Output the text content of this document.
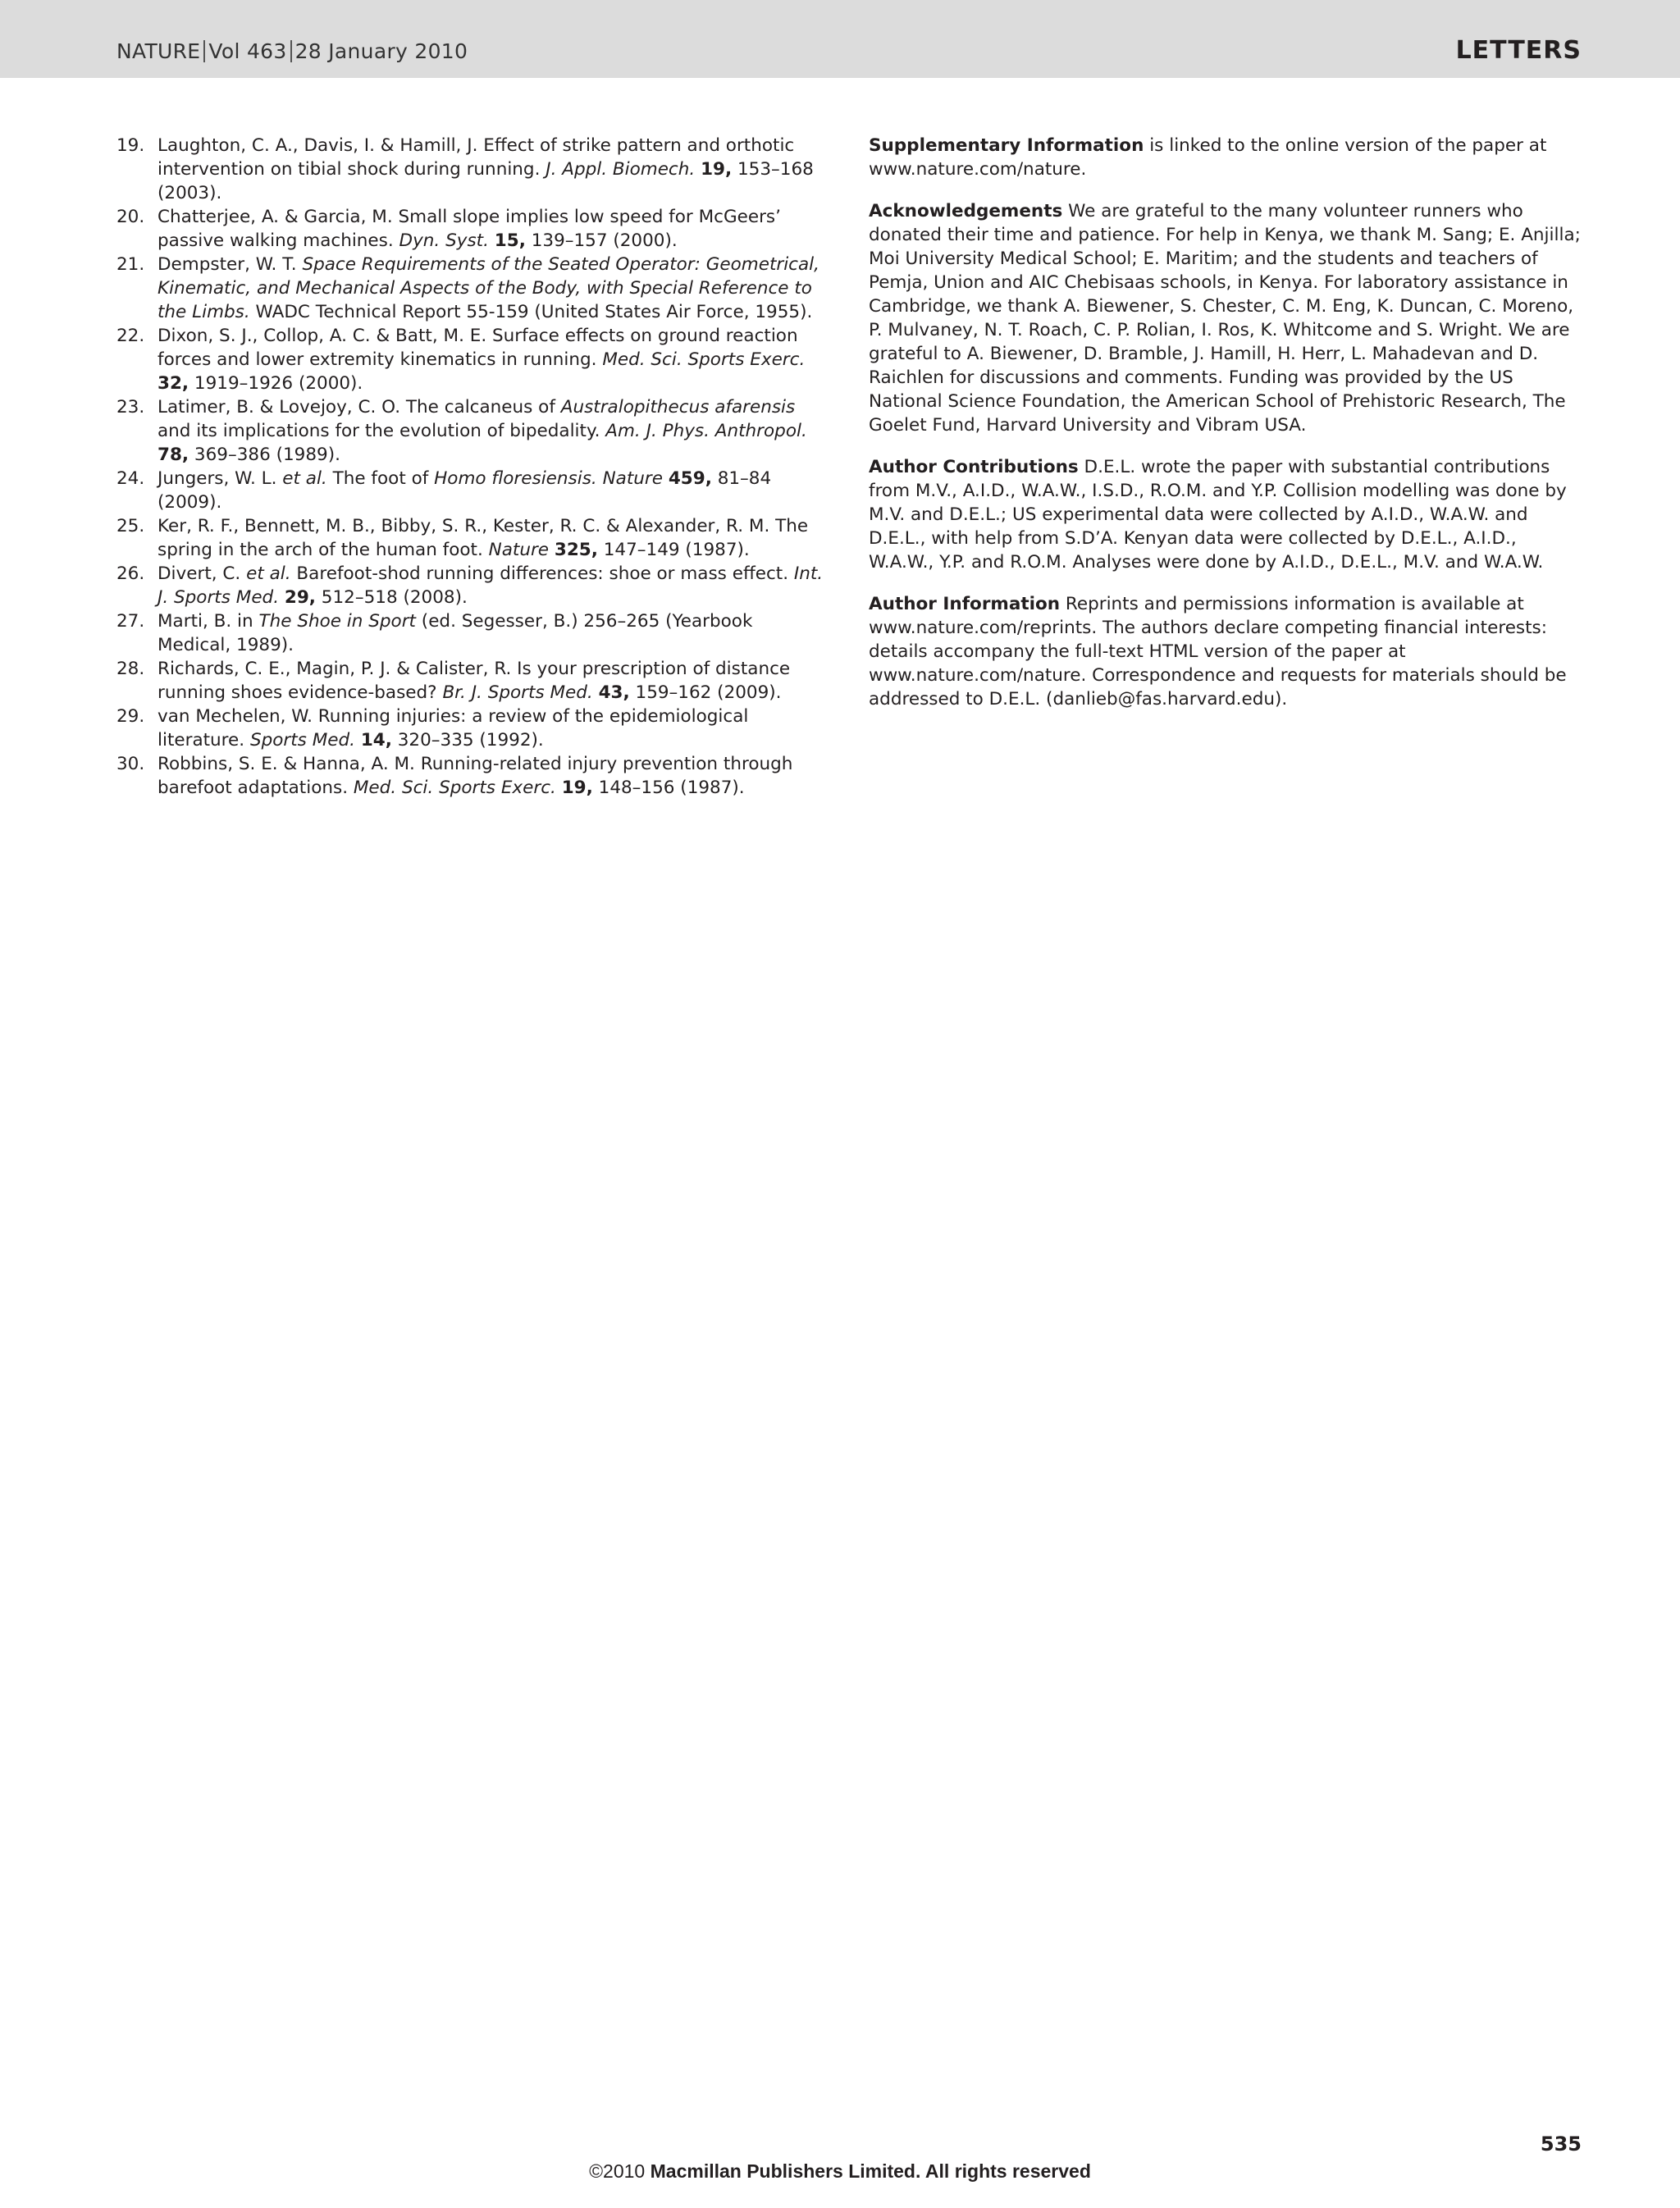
NATURE Vol 463 28 January 2010	LETTERS
19. Laughton, C. A., Davis, I. & Hamill, J. Effect of strike pattern and orthotic intervention on tibial shock during running. J. Appl. Biomech. 19, 153–168 (2003).
20. Chatterjee, A. & Garcia, M. Small slope implies low speed for McGeers’ passive walking machines. Dyn. Syst. 15, 139–157 (2000).
21. Dempster, W. T. Space Requirements of the Seated Operator: Geometrical, Kinematic, and Mechanical Aspects of the Body, with Special Reference to the Limbs. WADC Technical Report 55-159 (United States Air Force, 1955).
22. Dixon, S. J., Collop, A. C. & Batt, M. E. Surface effects on ground reaction forces and lower extremity kinematics in running. Med. Sci. Sports Exerc. 32, 1919–1926 (2000).
23. Latimer, B. & Lovejoy, C. O. The calcaneus of Australopithecus afarensis and its implications for the evolution of bipedality. Am. J. Phys. Anthropol. 78, 369–386 (1989).
24. Jungers, W. L. et al. The foot of Homo floresiensis. Nature 459, 81–84 (2009).
25. Ker, R. F., Bennett, M. B., Bibby, S. R., Kester, R. C. & Alexander, R. M. The spring in the arch of the human foot. Nature 325, 147–149 (1987).
26. Divert, C. et al. Barefoot-shod running differences: shoe or mass effect. Int. J. Sports Med. 29, 512–518 (2008).
27. Marti, B. in The Shoe in Sport (ed. Segesser, B.) 256–265 (Yearbook Medical, 1989).
28. Richards, C. E., Magin, P. J. & Calister, R. Is your prescription of distance running shoes evidence-based? Br. J. Sports Med. 43, 159–162 (2009).
29. van Mechelen, W. Running injuries: a review of the epidemiological literature. Sports Med. 14, 320–335 (1992).
30. Robbins, S. E. & Hanna, A. M. Running-related injury prevention through barefoot adaptations. Med. Sci. Sports Exerc. 19, 148–156 (1987).

Supplementary Information is linked to the online version of the paper at www.nature.com/nature.

Acknowledgements We are grateful to the many volunteer runners who donated their time and patience. For help in Kenya, we thank M. Sang; E. Anjilla; Moi University Medical School; E. Maritim; and the students and teachers of Pemja, Union and AIC Chebisaas schools, in Kenya. For laboratory assistance in Cambridge, we thank A. Biewener, S. Chester, C. M. Eng, K. Duncan, C. Moreno, P. Mulvaney, N. T. Roach, C. P. Rolian, I. Ros, K. Whitcome and S. Wright. We are grateful to A. Biewener, D. Bramble, J. Hamill, H. Herr, L. Mahadevan and D. Raichlen for discussions and comments. Funding was provided by the US National Science Foundation, the American School of Prehistoric Research, The Goelet Fund, Harvard University and Vibram USA.

Author Contributions D.E.L. wrote the paper with substantial contributions from M.V., A.I.D., W.A.W., I.S.D., R.O.M. and Y.P. Collision modelling was done by M.V. and D.E.L.; US experimental data were collected by A.I.D., W.A.W. and D.E.L., with help from S.D’A. Kenyan data were collected by D.E.L., A.I.D., W.A.W., Y.P. and R.O.M. Analyses were done by A.I.D., D.E.L., M.V. and W.A.W.

Author Information Reprints and permissions information is available at www.nature.com/reprints. The authors declare competing financial interests: details accompany the full-text HTML version of the paper at www.nature.com/nature. Correspondence and requests for materials should be addressed to D.E.L. (danlieb@fas.harvard.edu).

535
©2010 Macmillan Publishers Limited. All rights reserved
